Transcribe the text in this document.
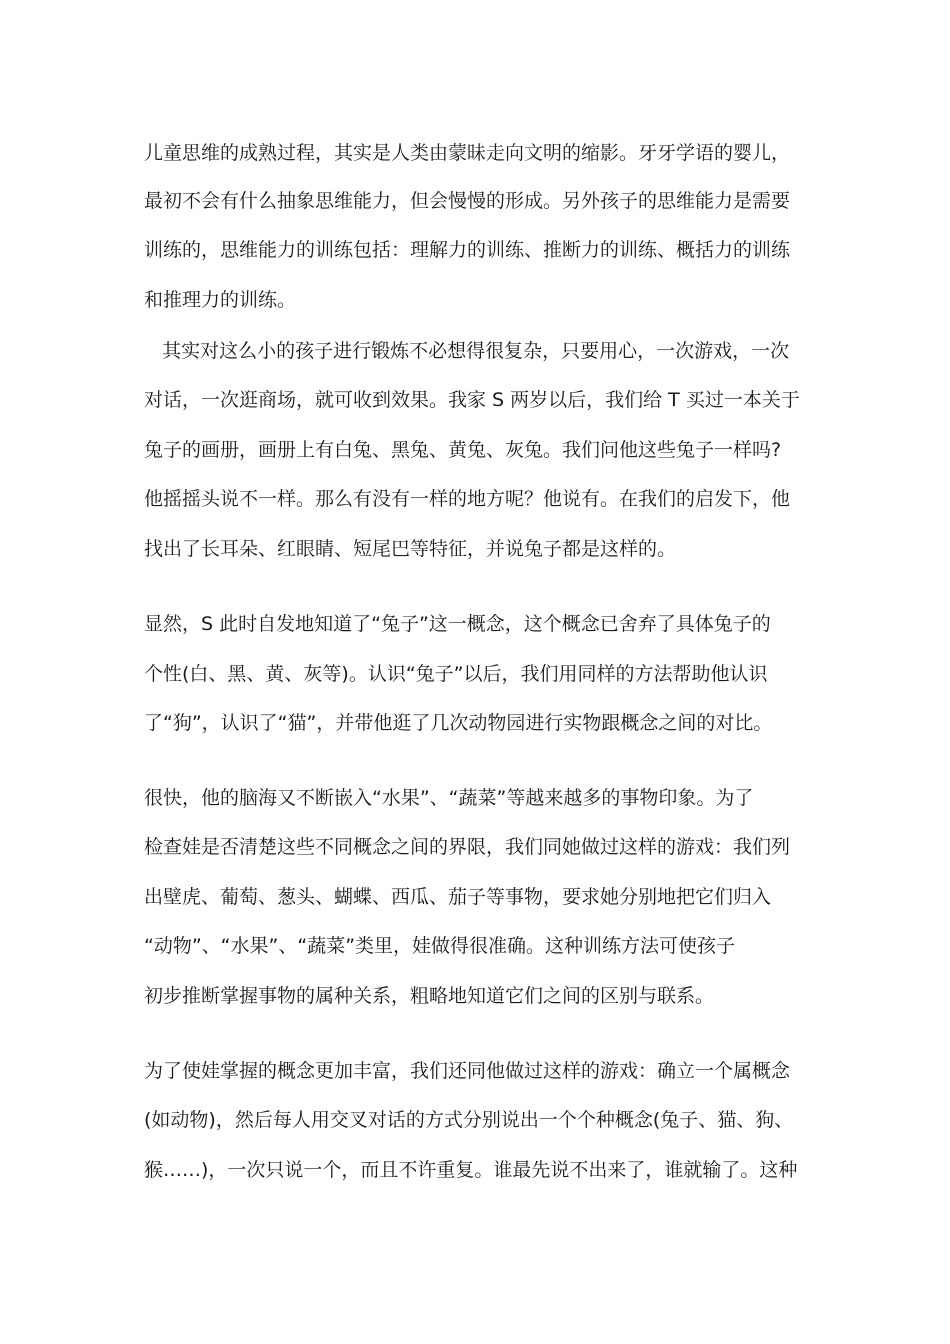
儿童思维的成熟过程，其实是人类由蒙昧走向文明的缩影。牙牙学语的婴儿，
最初不会有什么抽象思维能力，但会慢慢的形成。另外孩子的思维能力是需要
训练的，思维能力的训练包括：理解力的训练、推断力的训练、概括力的训练
和推理力的训练。
其实对这么小的孩子进行锻炼不必想得很复杂，只要用心，一次游戏，一次
对话，一次逛商场，就可收到效果。我家 S 两岁以后，我们给 T 买过一本关于
兔子的画册，画册上有白兔、黑兔、黄兔、灰兔。我们问他这些兔子一样吗?
他摇摇头说不一样。那么有没有一样的地方呢？他说有。在我们的启发下，他
找出了长耳朵、红眼睛、短尾巴等特征，并说兔子都是这样的。
显然，S 此时自发地知道了“兔子”这一概念，这个概念已舍弃了具体兔子的
个性(白、黑、黄、灰等)。认识“兔子”以后，我们用同样的方法帮助他认识
了“狗”，认识了“猫”，并带他逛了几次动物园进行实物跟概念之间的对比。
很快，他的脑海又不断嵌入“水果”、“蔬菜”等越来越多的事物印象。为了
检查娃是否清楚这些不同概念之间的界限，我们同她做过这样的游戏：我们列
出壁虎、葡萄、葱头、蝴蝶、西瓜、茄子等事物，要求她分别地把它们归入
“动物”、“水果”、“蔬菜”类里，娃做得很准确。这种训练方法可使孩子
初步推断掌握事物的属种关系，粗略地知道它们之间的区别与联系。
为了使娃掌握的概念更加丰富，我们还同他做过这样的游戏：确立一个属概念
(如动物)，然后每人用交叉对话的方式分别说出一个个种概念(兔子、猫、狗、
猴……)，一次只说一个，而且不许重复。谁最先说不出来了，谁就输了。这种
